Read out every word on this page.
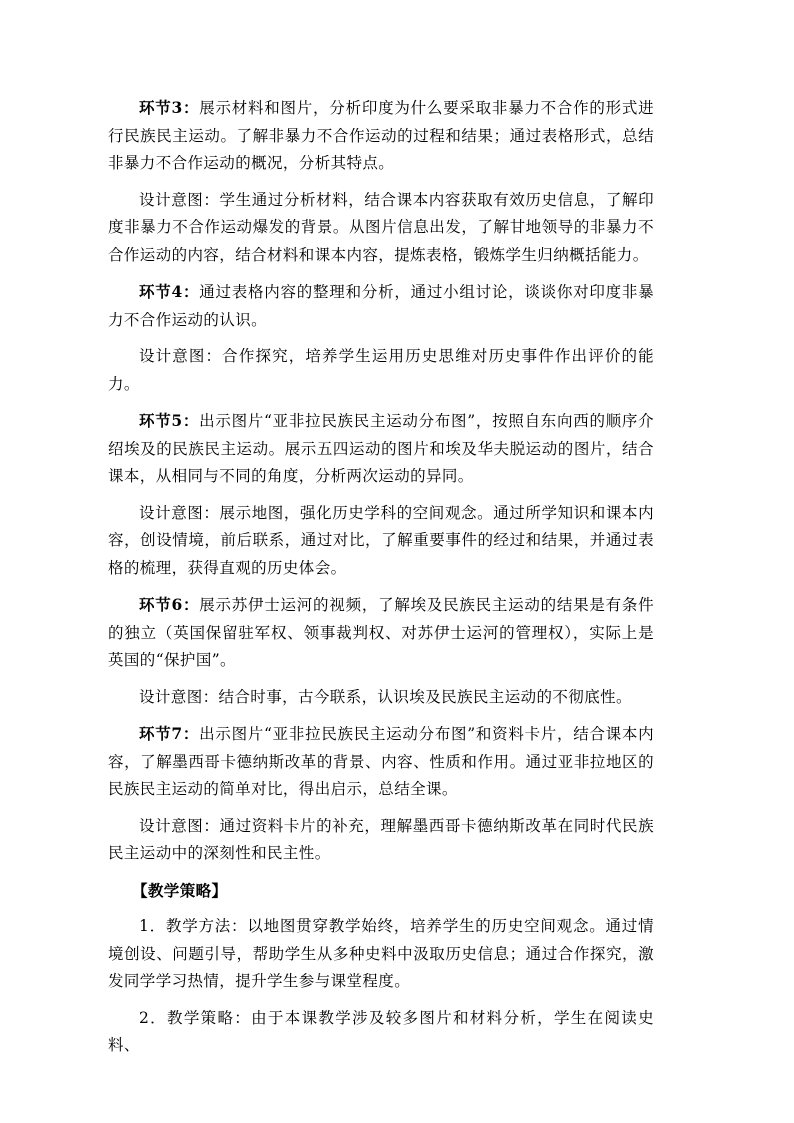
环节3：展示材料和图片，分析印度为什么要采取非暴力不合作的形式进行民族民主运动。了解非暴力不合作运动的过程和结果；通过表格形式，总结非暴力不合作运动的概况，分析其特点。

设计意图：学生通过分析材料，结合课本内容获取有效历史信息，了解印度非暴力不合作运动爆发的背景。从图片信息出发，了解甘地领导的非暴力不合作运动的内容，结合材料和课本内容，提炼表格，锻炼学生归纳概括能力。

环节4：通过表格内容的整理和分析，通过小组讨论，谈谈你对印度非暴力不合作运动的认识。

设计意图：合作探究，培养学生运用历史思维对历史事件作出评价的能力。

环节5：出示图片“亚非拉民族民主运动分布图”，按照自东向西的顺序介绍埃及的民族民主运动。展示五四运动的图片和埃及华夫脱运动的图片，结合课本，从相同与不同的角度，分析两次运动的异同。

设计意图：展示地图，强化历史学科的空间观念。通过所学知识和课本内容，创设情境，前后联系，通过对比，了解重要事件的经过和结果，并通过表格的梳理，获得直观的历史体会。

环节6：展示苏伊士运河的视频，了解埃及民族民主运动的结果是有条件的独立（英国保留驻军权、领事裁判权、对苏伊士运河的管理权），实际上是英国的“保护国”。

设计意图：结合时事，古今联系，认识埃及民族民主运动的不彻底性。

环节7：出示图片“亚非拉民族民主运动分布图”和资料卡片，结合课本内容，了解墨西哥卡德纳斯改革的背景、内容、性质和作用。通过亚非拉地区的民族民主运动的简单对比，得出启示，总结全课。

设计意图：通过资料卡片的补充，理解墨西哥卡德纳斯改革在同时代民族民主运动中的深刻性和民主性。

【教学策略】

1．教学方法：以地图贯穿教学始终，培养学生的历史空间观念。通过情境创设、问题引导，帮助学生从多种史料中汲取历史信息；通过合作探究，激发同学学习热情，提升学生参与课堂程度。

2．教学策略：由于本课教学涉及较多图片和材料分析，学生在阅读史料、
